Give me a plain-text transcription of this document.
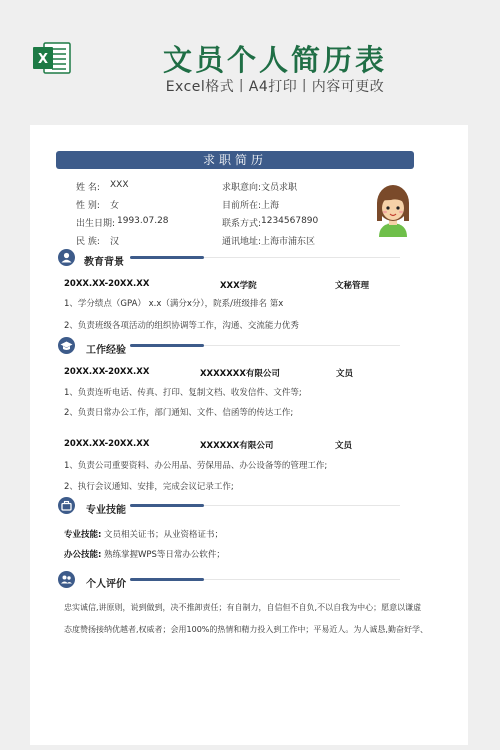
X	文员个人简历表
Excel格式丨A4打印丨内容可更改
求职简历
姓 名: XXX
性 别: 女
出生日期: 1993.07.28
民 族: 汉
求职意向: 文员求职
目前所在: 上海
联系方式: 1234567890
通讯地址: 上海市浦东区
教育背景
20XX.XX-20XX.XX	XXX学院	文秘管理
1、学分绩点（GPA） x.x（满分x分），院系/班级排名 第x
2、负责班级各项活动的组织协调等工作，沟通、交流能力优秀
工作经验
20XX.XX-20XX.XX	XXXXXXX有限公司	文员
1、负责连听电话、传真、打印、复制文档、收发信件、文件等;
2、负责日常办公工作，部门通知、文件、信函等的传达工作;
20XX.XX-20XX.XX	XXXXXX有限公司	文员
1、负责公司重要资料、办公用品、劳保用品、办公设备等的管理工作;
2、执行会议通知、安排，完成会议记录工作;
专业技能
专业技能: 文员相关证书；从业资格证书；
办公技能: 熟练掌握WPS等日常办公软件；
个人评价
忠实诚信,讲原则，说到做到，决不推卸责任；有自制力，自信但不自负,不以自我为中心；愿意以谦虚
态度赞扬接纳优越者,权威者；会用100%的热情和精力投入到工作中；平易近人。为人诚恳,勤奋好学、
